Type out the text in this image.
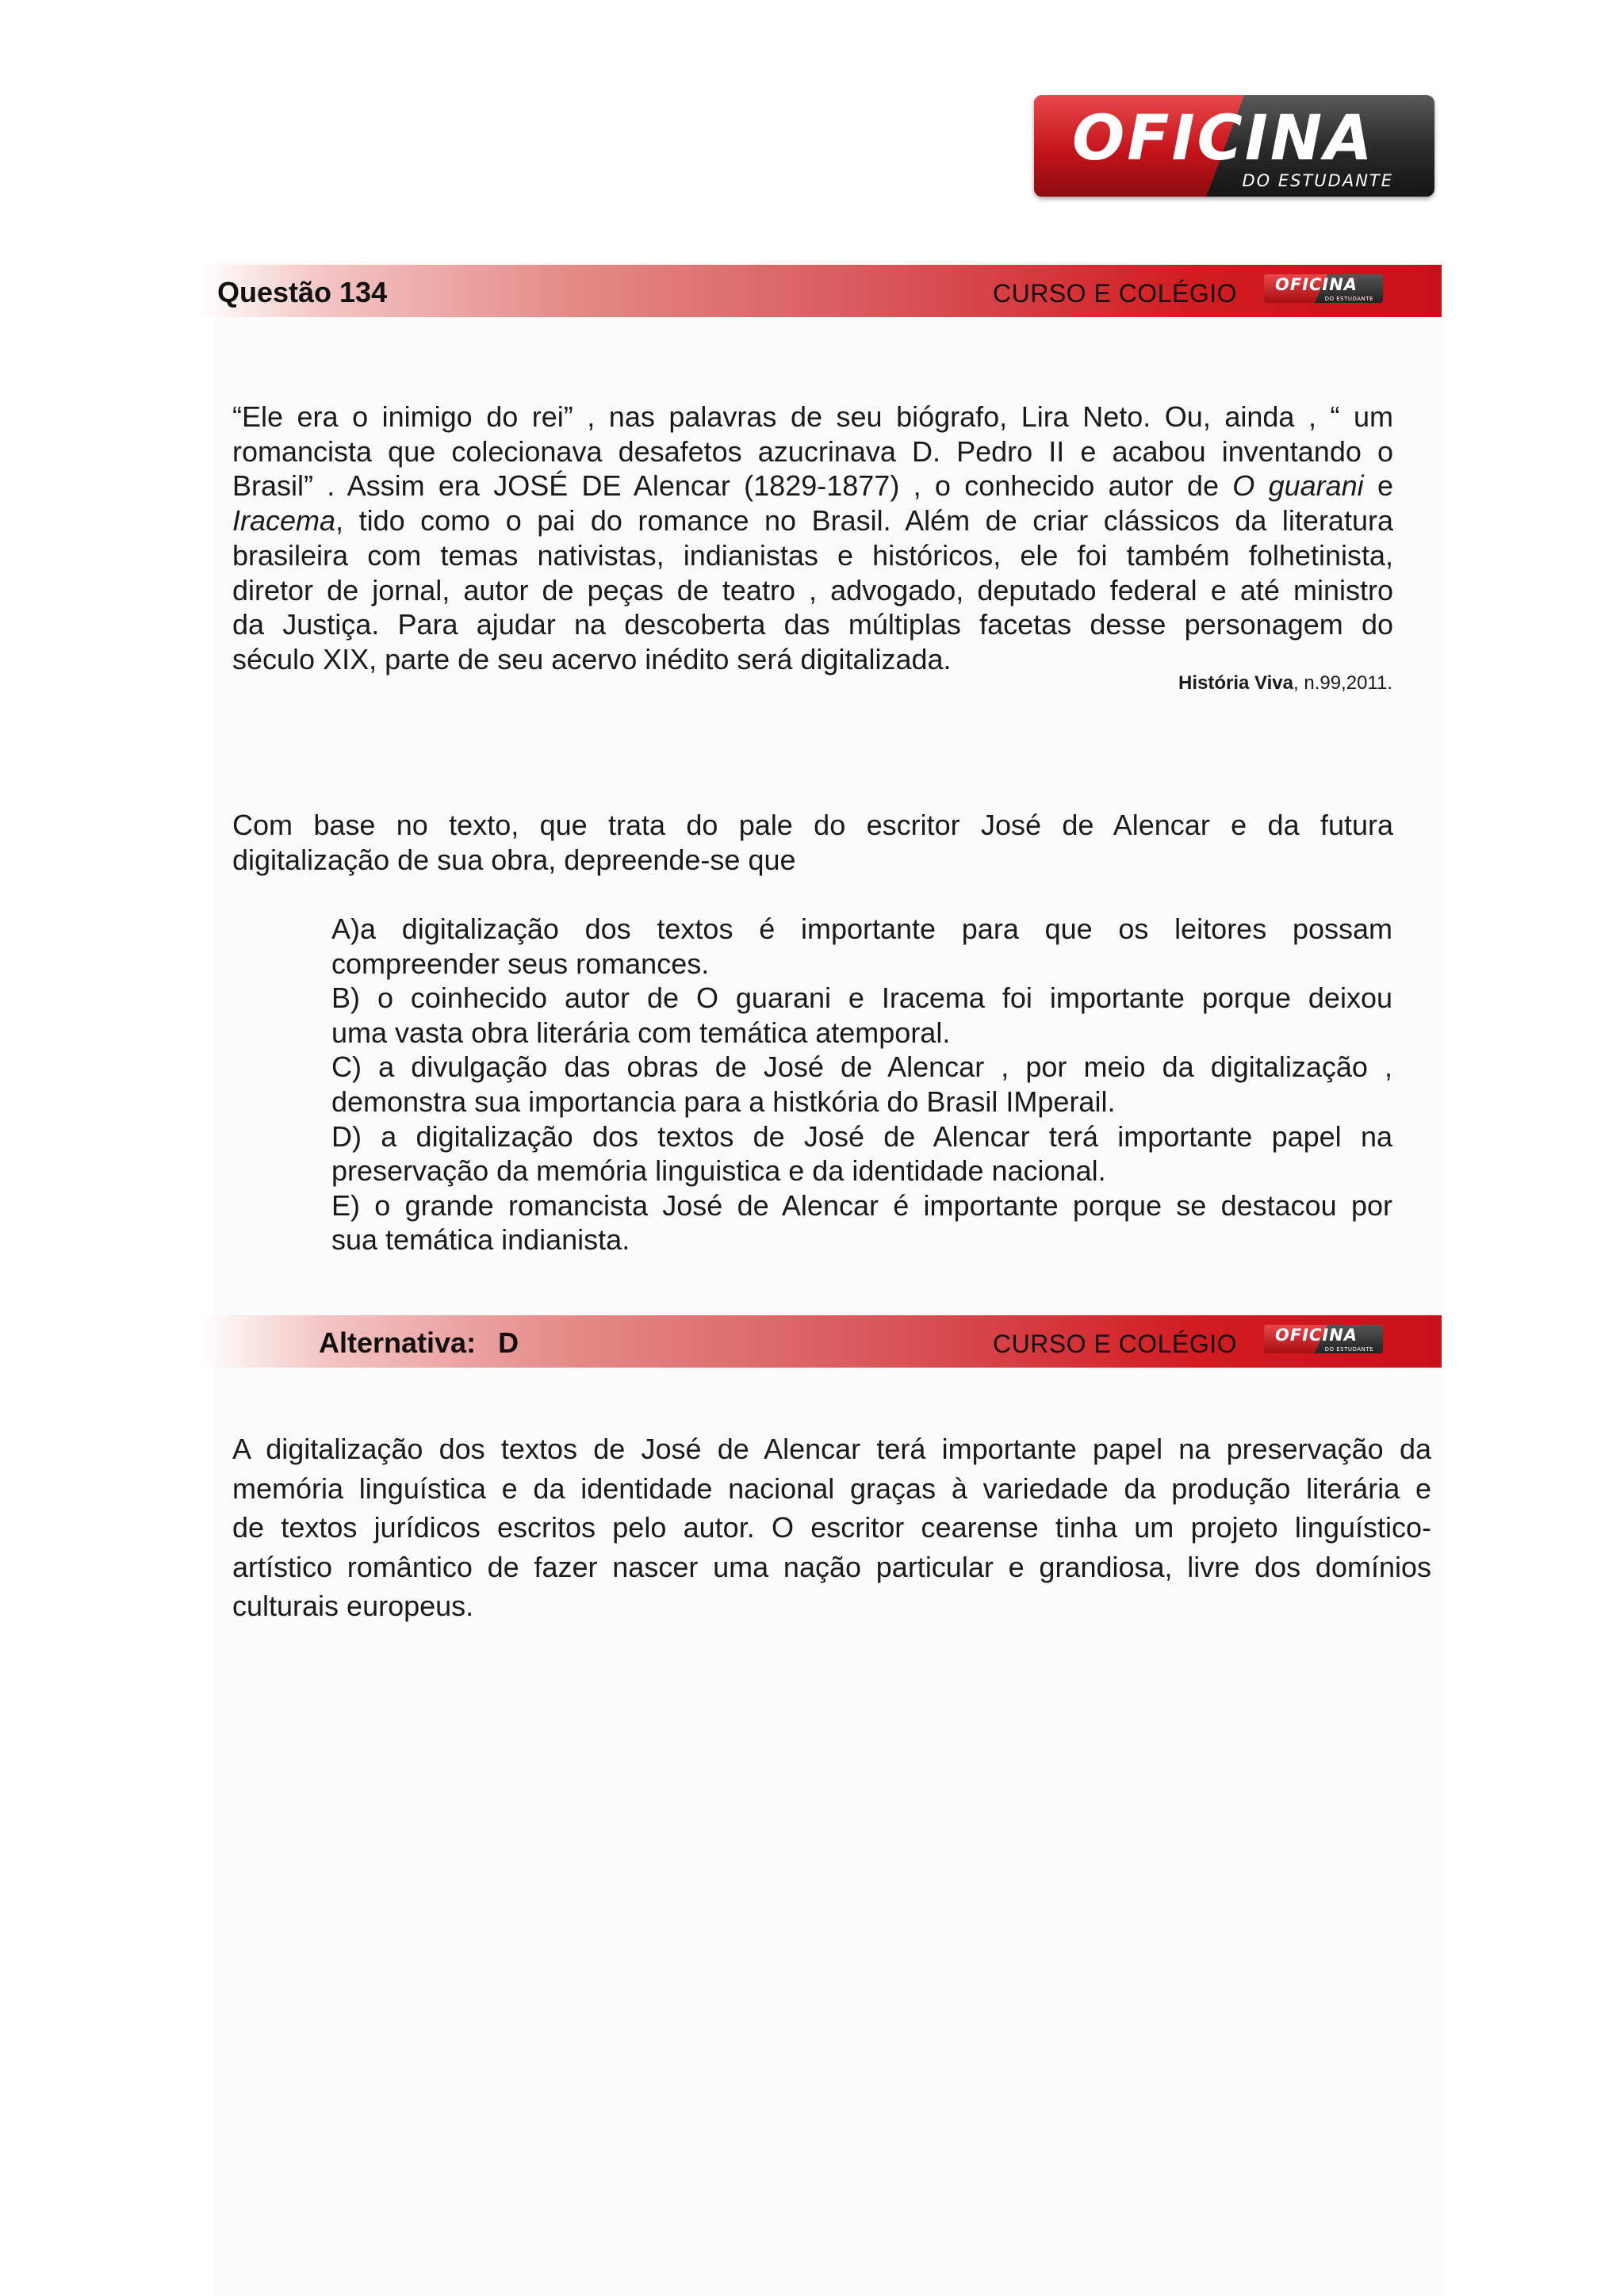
OFICINA
DO ESTUDANTE
Questão 134	CURSO E COLÉGIO OFICINA
DO ESTUDANTE
“Ele era o inimigo do rei” , nas palavras de seu biógrafo, Lira Neto. Ou, ainda , “ um
romancista que colecionava desafetos azucrinava D. Pedro II e acabou inventando o
Brasil” . Assim era JOSÉ DE Alencar (1829-1877) , o conhecido autor de O guarani e
Iracema, tido como o pai do romance no Brasil. Além de criar clássicos da literatura
brasileira com temas nativistas, indianistas e históricos, ele foi também folhetinista,
diretor de jornal, autor de peças de teatro , advogado, deputado federal e até ministro
da Justiça. Para ajudar na descoberta das múltiplas facetas desse personagem do
século XIX, parte de seu acervo inédito será digitalizada.
História Viva, n.99,2011.
Com base no texto, que trata do pale do escritor José de Alencar e da futura
digitalização de sua obra, depreende-se que
A)a digitalização dos textos é importante para que os leitores possam
compreender seus romances.
B) o coinhecido autor de O guarani e Iracema foi importante porque deixou
uma vasta obra literária com temática atemporal.
C) a divulgação das obras de José de Alencar , por meio da digitalização ,
demonstra sua importancia para a histkória do Brasil IMperail.
D) a digitalização dos textos de José de Alencar terá importante papel na
preservação da memória linguistica e da identidade nacional.
E) o grande romancista José de Alencar é importante porque se destacou por
sua temática indianista.
Alternativa: D	CURSO E COLÉGIO OFICINA
DO ESTUDANTE
A digitalização dos textos de José de Alencar terá importante papel na preservação da
memória linguística e da identidade nacional graças à variedade da produção literária e
de textos jurídicos escritos pelo autor. O escritor cearense tinha um projeto linguístico-
artístico romântico de fazer nascer uma nação particular e grandiosa, livre dos domínios
culturais europeus.
